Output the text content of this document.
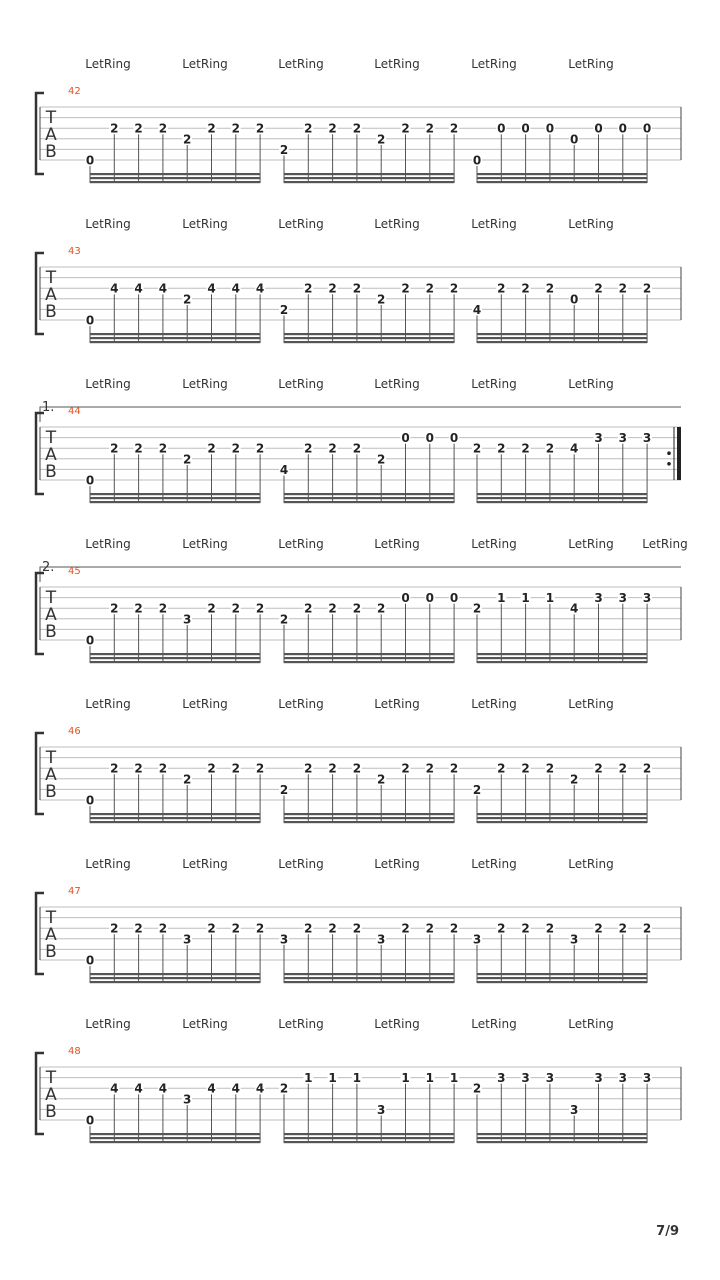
LetRing	LetRing	LetRing	LetRing	LetRing	LetRing
42
T
A
B 0
2 2 2
2
2 2 2
2
2 2 2
2
2 2 2
0
0 0 0
0
0 0 0
LetRing	LetRing	LetRing	LetRing	LetRing	LetRing
43
T
A
B 0
4 4 4
2
4 4 4
2
2 2 2
2
2 2 2
4
2 2 2
0
2 2 2
LetRing	LetRing	LetRing	LetRing	LetRing	LetRing
1. 44
T
A
B 0
2 2 2
2
2 2 2
4
2 2 2
2
0 0 0
2 2 2 2 4
3 3 3
LetRing	LetRing	LetRing	LetRing	LetRing	LetRing LetRing
2. 45
T
A
B 0
2 2 2
3
2 2 2
2
2 2 2 2
0 0 0
2
1 1 1
4
3 3 3
LetRing	LetRing	LetRing	LetRing	LetRing	LetRing
46
T
A
B 0
2 2 2
2
2 2 2
2
2 2 2
2
2 2 2
2
2 2 2
2
2 2 2
LetRing	LetRing	LetRing	LetRing	LetRing	LetRing
47
T
A
B 0
2 2 2
3
2 2 2
3
2 2 2
3
2 2 2
3
2 2 2
3
2 2 2
LetRing	LetRing	LetRing	LetRing	LetRing	LetRing
48
T
A
B 0
4 4 4
3
4 4 4 2
1 1 1
3
1 1 1
2
3 3 3
3
3 3 3
7/9
